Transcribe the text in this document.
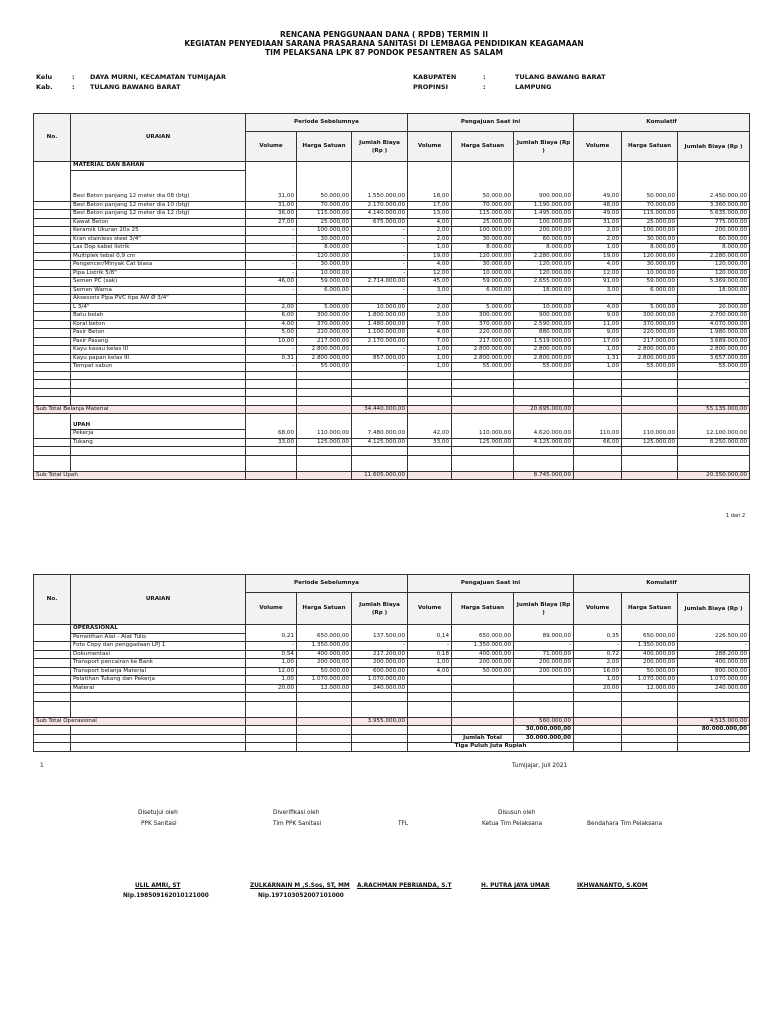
RENCANA PENGGUNAAN DANA ( RPDB) TERMIN II
KEGIATAN PENYEDIAAN SARANA PRASARANA SANITASI DI LEMBAGA PENDIDIKAN KEAGAMAAN
TIM PELAKSANA LPK 87 PONDOK PESANTREN AS SALAM
Kelu	: DAYA MURNI, KECAMATAN TUMIJAJAR
Kab.	: TULANG BAWANG BARAT
KABUPATEN	:	TULANG BAWANG BARAT
PROPINSI	:	LAMPUNG
No.	URAIAN	Periode Sebelumnya			Pengajuan Saat ini			Komulatif		
		Volume	Harga Satuan	Jumlah Biaya (Rp )	Volume	Harga Satuan	Jumlah Biaya (Rp )	Volume	Harga Satuan	Jumlah Biaya (Rp )
	MATERIAL DAN BAHAN									

	Besi Beton panjang 12 meter dia 08 (btg)	31,00	50.000,00	1.550.000,00	18,00	50.000,00	900.000,00	49,00	50.000,00	2.450.000,00
	Besi Beton panjang 12 meter dia 10 (btg)	31,00	70.000,00	2.170.000,00	17,00	70.000,00	1.190.000,00	48,00	70.000,00	3.360.000,00
	Besi Beton panjang 12 meter dia 12 (btg)	36,00	115.000,00	4.140.000,00	13,00	115.000,00	1.495.000,00	49,00	115.000,00	5.635.000,00
	Kawat Beton	27,00	25.000,00	675.000,00	4,00	25.000,00	100.000,00	31,00	25.000,00	775.000,00
	Keramik Ukuran 20x 25	-	100.000,00	-	2,00	100.000,00	200.000,00	2,00	100.000,00	200.000,00
	Kran stainless steel 3/4"	-	30.000,00	-	2,00	30.000,00	60.000,00	2,00	30.000,00	60.000,00
	Las Dop kabel listrik	-	8.000,00	-	1,00	8.000,00	8.000,00	1,00	8.000,00	8.000,00
	Multiplek tebal 0,9 cm	-	120.000,00	-	19,00	120.000,00	2.280.000,00	19,00	120.000,00	2.280.000,00
	Pengencer/Minyak Cat biasa	-	30.000,00	-	4,00	30.000,00	120.000,00	4,00	30.000,00	120.000,00
	Pipa Listrik 5/8"	-	10.000,00	-	12,00	10.000,00	120.000,00	12,00	10.000,00	120.000,00
	Semen PC (sak)	46,00	59.000,00	2.714.000,00	45,00	59.000,00	2.655.000,00	91,00	59.000,00	5.369.000,00
	Semen Warna	-	6.000,00	-	3,00	6.000,00	18.000,00	3,00	6.000,00	18.000,00
	Aksesoris Pipa PVC tipe AW Ø 3/4"									
	L 3/4"	2,00	5.000,00	10.000,00	2,00	5.000,00	10.000,00	4,00	5.000,00	20.000,00
	Batu belah	6,00	300.000,00	1.800.000,00	3,00	300.000,00	900.000,00	9,00	300.000,00	2.700.000,00
	Koral beton	4,00	370.000,00	1.480.000,00	7,00	370.000,00	2.590.000,00	11,00	370.000,00	4.070.000,00
	Pasir Beton	5,00	220.000,00	1.100.000,00	4,00	220.000,00	880.000,00	9,00	220.000,00	1.980.000,00
	Pasir Pasang	10,00	217.000,00	2.170.000,00	7,00	217.000,00	1.519.000,00	17,00	217.000,00	3.689.000,00
	Kayu kasau kelas III	-	2.800.000,00	-	1,00	2.800.000,00	2.800.000,00	1,00	2.800.000,00	2.800.000,00
	Kayu papan kelas III	0,31	2.800.000,00	857.000,00	1,00	2.800.000,00	2.800.000,00	1,31	2.800.000,00	3.657.000,00
	Tempat sabun	-	55.000,00	-	1,00	55.000,00	55.000,00	1,00	55.000,00	55.000,00

										-

Sub Total Belanja Material				34.440.000,00			20.695.000,00			55.135.000,00

	UPAH									
	Pekerja	68,00	110.000,00	7.480.000,00	42,00	110.000,00	4.620.000,00	110,00	110.000,00	12.100.000,00
	Tukang	33,00	125.000,00	4.125.000,00	33,00	125.000,00	4.125.000,00	66,00	125.000,00	8.250.000,00

Sub Total Upah				11.605.000,00			8.745.000,00			20.350.000,00
1 dari 2
No.	URAIAN	Periode Sebelumnya			Pengajuan Saat ini			Komulatif		
		Volume	Harga Satuan	Jumlah Biaya (Rp )	Volume	Harga Satuan	Jumlah Biaya (Rp )	Volume	Harga Satuan	Jumlah Biaya (Rp )
	OPERASIONAL									
	Pemetihan Alat - Alat Tulis	0,21	650.000,00	137.500,00	0,14	650.000,00	89.000,00	0,35	650.000,00	226.500,00
	Foto Copy dan penggadaan LPJ 1	-	1.350.000,00	-	-	1.350.000,00	-	-	1.350.000,00	-
	Dokumentasi	0,54	400.000,00	217.200,00	0,18	400.000,00	71.000,00	0,72	400.000,00	288.200,00
	Transport pencairan ke Bank	1,00	200.000,00	200.000,00	1,00	200.000,00	200.000,00	2,00	200.000,00	400.000,00
	Transport belanja Material	12,00	50.000,00	600.000,00	4,00	50.000,00	200.000,00	16,00	50.000,00	800.000,00
	Pelatihan Tukang dan Pekerja	1,00	1.070.000,00	1.070.000,00				1,00	1.070.000,00	1.070.000,00
	Materai	20,00	12.000,00	240.000,00				20,00	12.000,00	240.000,00

Sub Total Operasional				3.955.000,00			560.000,00			4.515.000,00
							30.000.000,00			80.000.000,00
						Jumlah Total	30.000.000,00			
					Tiga Puluh Juta Rupiah					
1	Tumijajar, Juli 2021
Disetujui oleh
PPK Sanitasi
Diverifikasi oleh
Tim PPK Sanitasi	TFL
Disusun oleh
Ketua Tim Pelaksana	Bendahara Tim Pelaksana
ULIL AMRI, ST
Nip.198509162010121000
ZULKARNAIN M ,S.Sos, ST, MM
Nip.197103052007101000
A.RACHMAN PEBRIANDA, S.T	H. PUTRA JAYA UMAR	IKHWANANTO, S.KOM
